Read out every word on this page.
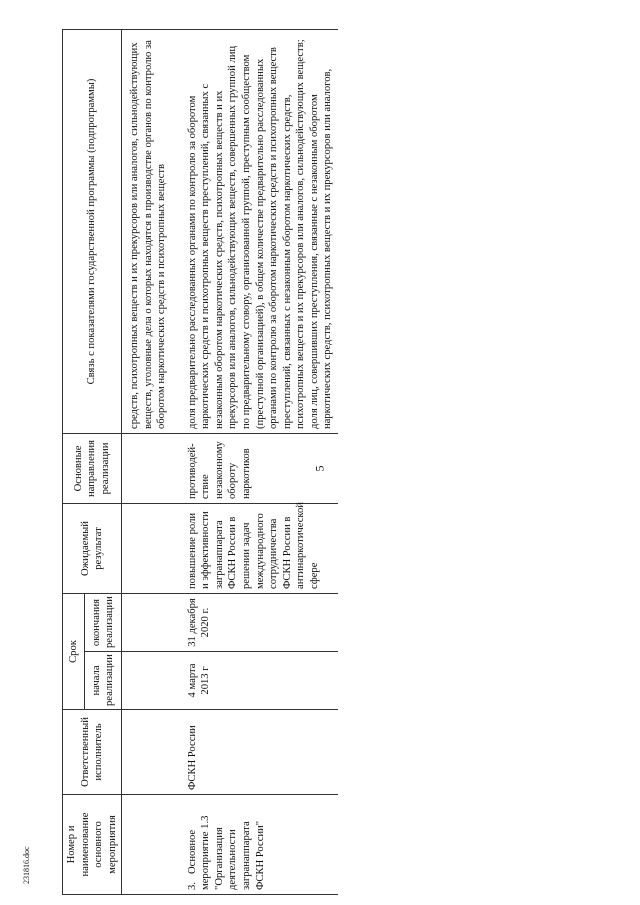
5
231816.doc
Номер и наименование основного мероприятия	Ответственный исполнитель	Срок		Ожидаемый результат	Основные направления реализации	Связь с показателями государственной программы (подпрограммы)
		начала реализации	окончания реализации			
						средств, психотропных веществ и их прекурсоров или аналогов, сильнодействующих веществ, уголовные дела о которых находятся в производстве органов по контролю за оборотом наркотических средств и психотропных веществ
3.Основное мероприятие 1.3 "Организация деятельности загранаппарата ФСКН России"	ФСКН России	4 марта 2013 г	31 декабря 2020 г.	повышение роли и эффективности загранаппарата ФСКН России в решении задач международного сотрудничества ФСКН России в антинаркотической сфере	противодей-ствие незаконному обороту наркотиков	доля предварительно расследованных органами по контролю за оборотом наркотических средств и психотропных веществ преступлений, связанных с незаконным оборотом наркотических средств, психотропных веществ и их прекурсоров или аналогов, сильнодействующих веществ, совершенных группой лиц по предварительному сговору, организованной группой, преступным сообществом (преступной организацией), в общем количестве предварительно расследованных органами по контролю за оборотом наркотических средств и психотропных веществ преступлений, связанных с незаконным оборотом наркотических средств, психотропных веществ и их прекурсоров или аналогов, сильнодействующих веществ; доля лиц, совершивших преступления, связанные с незаконным оборотом наркотических средств, психотропных веществ и их прекурсоров или аналогов,
